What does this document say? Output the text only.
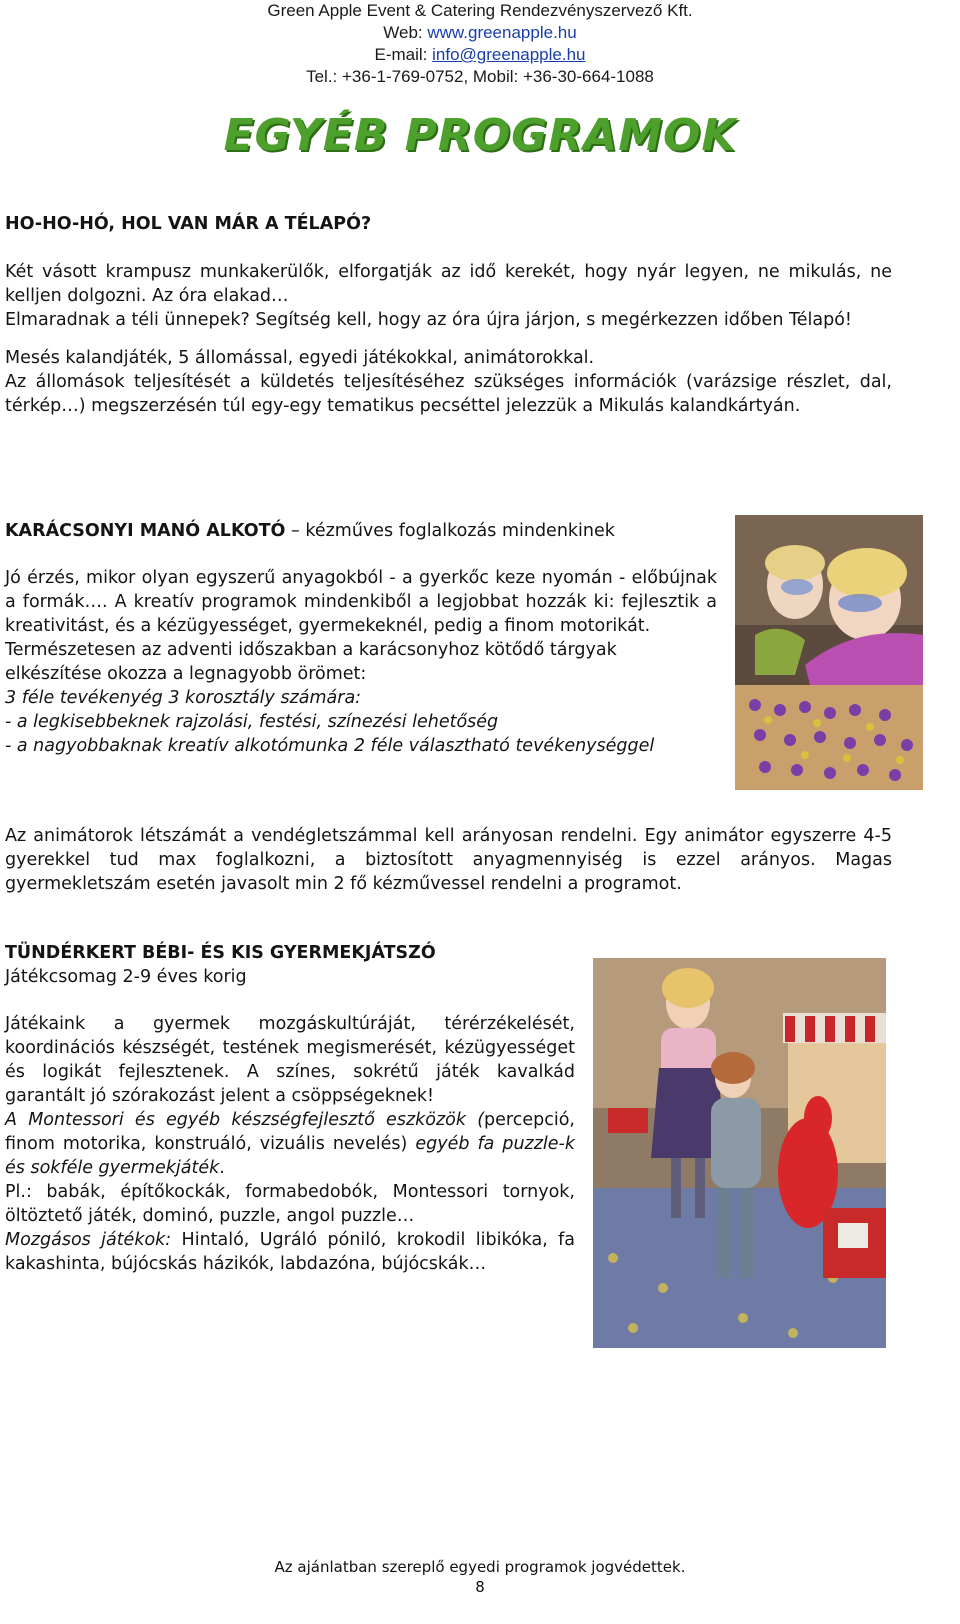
Green Apple Event & Catering Rendezvényszervező Kft.
Web: www.greenapple.hu
E-mail: info@greenapple.hu
Tel.: +36-1-769-0752, Mobil: +36-30-664-1088
EGYÉB PROGRAMOK
HO-HO-HÓ, HOL VAN MÁR A TÉLAPÓ?

Két vásott krampusz munkakerülők, elforgatják az idő kerekét, hogy nyár legyen, ne mikulás, ne kelljen dolgozni. Az óra elakad…

Elmaradnak a téli ünnepek? Segítség kell, hogy az óra újra járjon, s megérkezzen időben Télapó!

Mesés kalandjáték, 5 állomással, egyedi játékokkal, animátorokkal.

Az állomások teljesítését a küldetés teljesítéséhez szükséges információk (varázsige részlet, dal, térkép…) megszerzésén túl egy-egy tematikus pecséttel jelezzük a Mikulás kalandkártyán.

KARÁCSONYI MANÓ ALKOTÓ – kézműves foglalkozás mindenkinek

Jó érzés, mikor olyan egyszerű anyagokból - a gyerkőc keze nyomán - előbújnak a formák…. A kreatív programok mindenkiből a legjobbat hozzák ki: fejlesztik a kreativitást, és a kézügyességet, gyermekeknél, pedig a finom motorikát.

Természetesen az adventi időszakban a karácsonyhoz kötődő tárgyak elkészítése okozza a legnagyobb örömet:

3 féle tevékenyég 3 korosztály számára:

- a legkisebbeknek rajzolási, festési, színezési lehetőség

- a nagyobbaknak kreatív alkotómunka 2 féle választható tevékenységgel

Az animátorok létszámát a vendégletszámmal kell arányosan rendelni. Egy animátor egyszerre 4-5 gyerekkel tud max foglalkozni, a biztosított anyagmennyiség is ezzel arányos. Magas gyermekletszám esetén javasolt min 2 fő kézművessel rendelni a programot.
TÜNDÉRKERT BÉBI- ÉS KIS GYERMEKJÁTSZÓ
Játékcsomag 2-9 éves korig

Játékaink a gyermek mozgáskultúráját, térérzékelését, koordinációs készségét, testének megismerését, kézügyességet és logikát fejlesztenek. A színes, sokrétű játék kavalkád garantált jó szórakozást jelent a csöppségeknek!

A Montessori és egyéb készségfejlesztő eszközök (percepció, finom motorika, konstruáló, vizuális nevelés) egyéb fa puzzle-k és sokféle gyermekjáték.

Pl.: babák, építőkockák, formabedobók, Montessori tornyok, öltöztető játék, dominó, puzzle, angol puzzle…

Mozgásos játékok: Hintaló, Ugráló póniló, krokodil libikóka, fa kakashinta, bújócskás házikók, labdazóna, bújócskák…

Az ajánlatban szereplő egyedi programok jogvédettek.
8
